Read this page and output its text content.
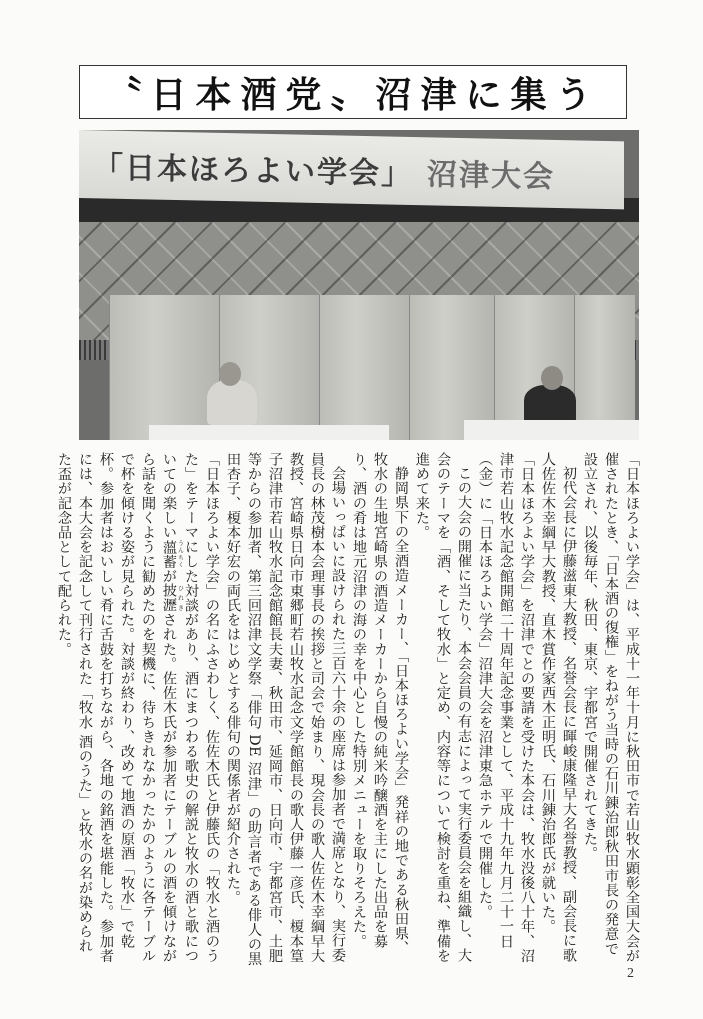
〝日本酒党〟沼津に集う
「日本ほろよい学会」 沼津大会

「日本ほろよい学会」は、平成十一年十月に秋田市で若山牧水顕彰全国大会が催されたとき、「日本酒の復権」をねがう当時の石川錬治郎秋田市長の発意で設立され、以後毎年、秋田、東京、宇都宮で開催されてきた。

初代会長に伊藤滋東大教授、名誉会長に暉峻康隆早大名誉教授、副会長に歌人佐佐木幸綱早大教授、直木賞作家西木正明氏、石川錬治郎氏が就いた。

「日本ほろよい学会」を沼津でとの要請を受けた本会は、牧水没後八十年、沼津市若山牧水記念館開館二十周年記念事業として、平成十九年九月二十一日（金）に「日本ほろよい学会」沼津大会を沼津東急ホテルで開催した。

この大会の開催に当たり、本会会員の有志によって実行委員会を組織し、大会のテーマを「酒、そして牧水」と定め、内容等について検討を重ね、準備を進めて来た。

静岡県下の全酒造メーカー、「日本ほろよい学会」発祥の地である秋田県、牧水の生地宮崎県の酒造メーカーから自慢の純米吟醸酒を主にした出品を募り、酒の肴は地元沼津の海の幸を中心とした特別メニューを取りそろえた。

会場いっぱいに設けられた三百六十余の座席は参加者で満席となり、実行委員長の林茂樹本会理事長の挨拶と司会で始まり、現会長の歌人佐佐木幸綱早大教授、宮崎県日向市東郷町若山牧水記念文学館館長の歌人伊藤一彦氏、榎本篁子沼津市若山牧水記念館館長夫妻、秋田市、延岡市、日向市、宇都宮市、土肥等からの参加者、第三回沼津文学祭「俳句 DE 沼津」の助言者である俳人の黒田杏子、榎本好宏の両氏をはじめとする俳句の関係者が紹介された。

「日本ほろよい学会」の名にふさわしく、佐佐木氏と伊藤氏の「牧水と酒のうた」をテーマにした対談があり、酒にまつわる歌史の解説と牧水の酒と歌についての楽しい薀蓄 うんちくが披瀝 ひれきされた。佐佐木氏が参加者にテーブルの酒を傾けながら話を聞くように勧めたのを契機に、待ちきれなかったかのように各テーブルで杯を傾ける姿が見られた。対談が終わり、改めて地酒の原酒「牧水」で乾杯。参加者はおいしい肴に舌鼓を打ちながら、各地の銘酒を堪能した。参加者には、本大会を記念して刊行された「牧水 酒のうた」と牧水の名が染められた盃が記念品として配られた。

2
